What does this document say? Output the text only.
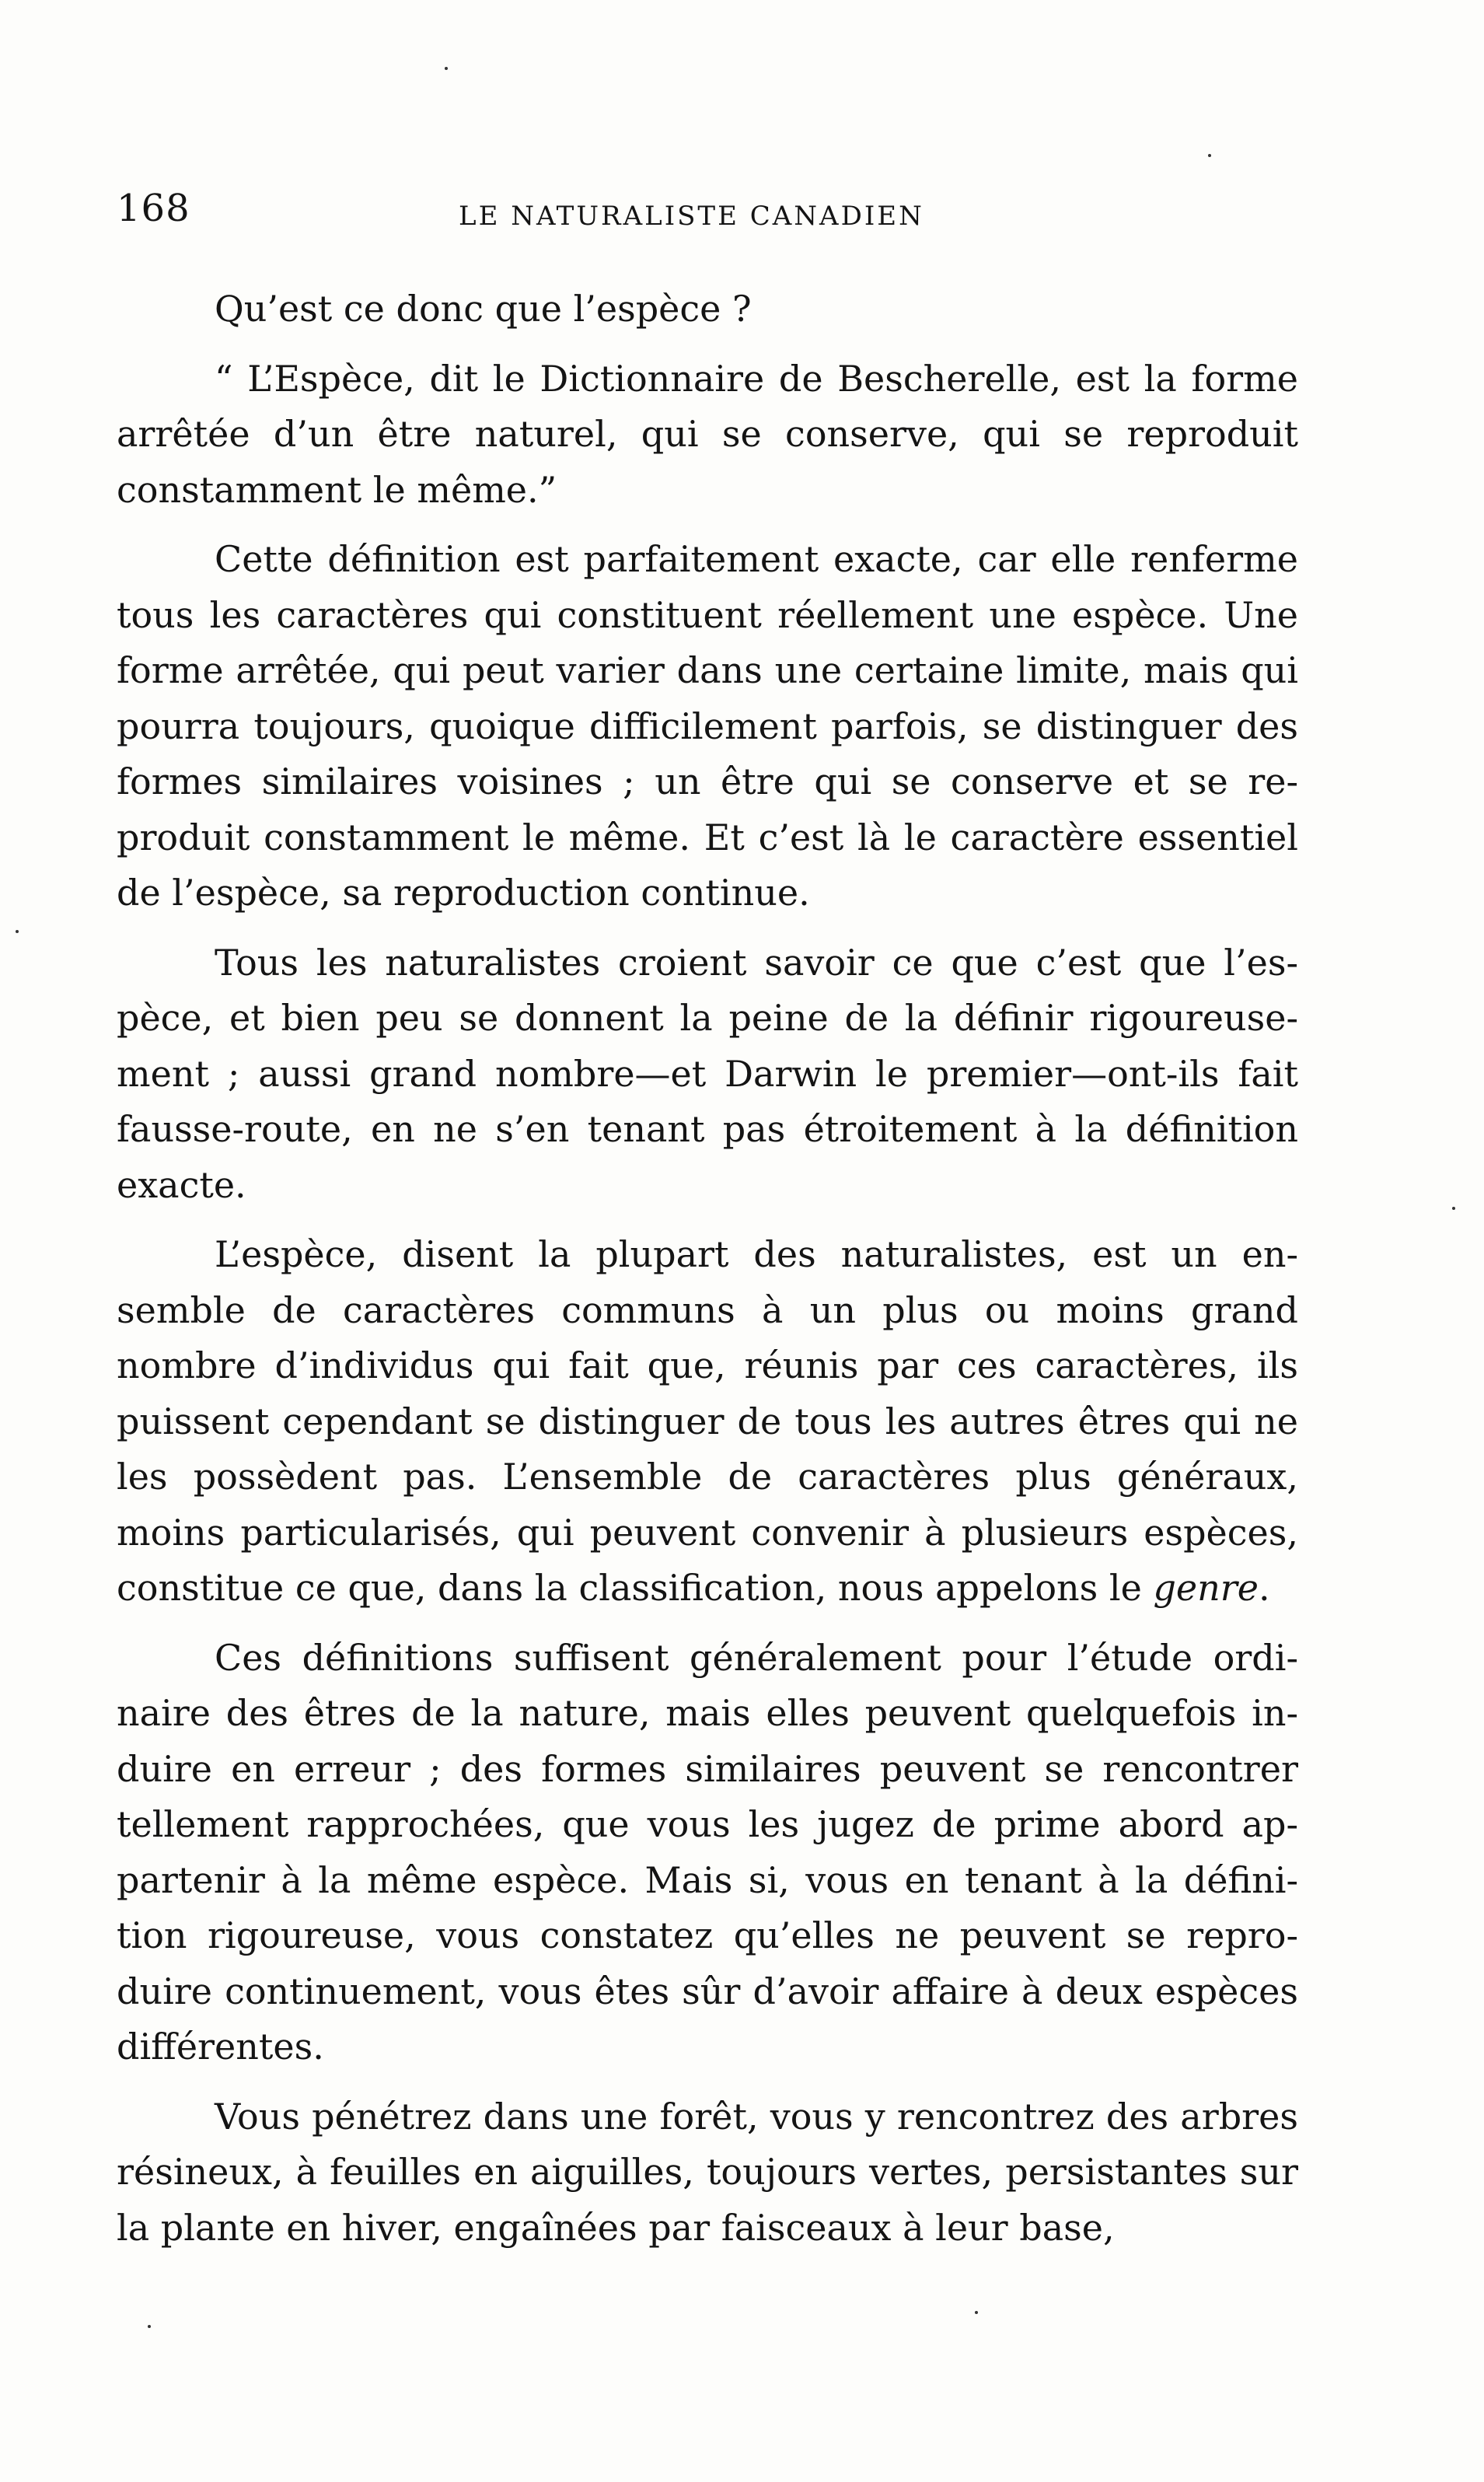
168	LE NATURALISTE CANADIEN

Qu’est ce donc que l’espèce ?

“ L’Espèce, dit le Dictionnaire de Bescherelle, est la forme arrêtée d’un être naturel, qui se conserve, qui se reproduit constamment le même.”

Cette définition est parfaitement exacte, car elle renferme tous les caractères qui constituent réellement une espèce. Une forme arrêtée, qui peut varier dans une certaine limite, mais qui pourra toujours, quoique difficilement parfois, se distinguer des formes similaires voisines ; un être qui se conserve et se reproduit constamment le même. Et c’est là le caractère essentiel de l’espèce, sa reproduction continue.

Tous les naturalistes croient savoir ce que c’est que l’espèce, et bien peu se donnent la peine de la définir rigoureusement ; aussi grand nombre—et Darwin le premier—ont-ils fait fausse-route, en ne s’en tenant pas étroitement à la définition exacte.

L’espèce, disent la plupart des naturalistes, est un ensemble de caractères communs à un plus ou moins grand nombre d’individus qui fait que, réunis par ces caractères, ils puissent cependant se distinguer de tous les autres êtres qui ne les possèdent pas. L’ensemble de caractères plus généraux, moins particularisés, qui peuvent convenir à plusieurs espèces, constitue ce que, dans la classification, nous appelons le genre.

Ces définitions suffisent généralement pour l’étude ordinaire des êtres de la nature, mais elles peuvent quelquefois induire en erreur ; des formes similaires peuvent se rencontrer tellement rapprochées, que vous les jugez de prime abord appartenir à la même espèce. Mais si, vous en tenant à la définition rigoureuse, vous constatez qu’elles ne peuvent se reproduire continuement, vous êtes sûr d’avoir affaire à deux espèces différentes.

Vous pénétrez dans une forêt, vous y rencontrez des arbres résineux, à feuilles en aiguilles, toujours vertes, persistantes sur la plante en hiver, engaînées par faisceaux à leur base,
